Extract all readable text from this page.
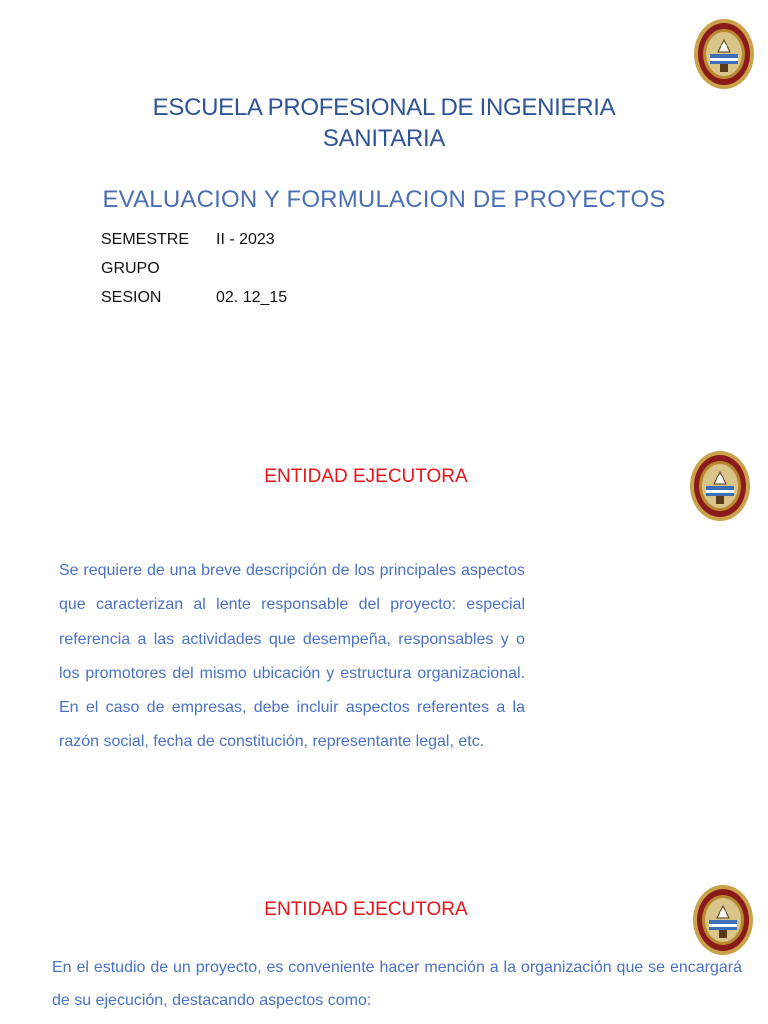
ESCUELA PROFESIONAL DE INGENIERIA
SANITARIA
EVALUACION Y FORMULACION DE PROYECTOS
SEMESTRE	II - 2023
GRUPO
SESION	02. 12_15
ENTIDAD EJECUTORA
Se requiere de una breve descripción de los principales aspectos que caracterizan al lente responsable del proyecto: especial referencia a las actividades que desempeña, responsables y o los promotores del mismo ubicación y estructura organizacional. En el caso de empresas, debe incluir aspectos referentes a la razón social, fecha de constitución, representante legal, etc.
ENTIDAD EJECUTORA
En el estudio de un proyecto, es conveniente hacer mención a la organización que se encargará de su ejecución, destacando aspectos como:
